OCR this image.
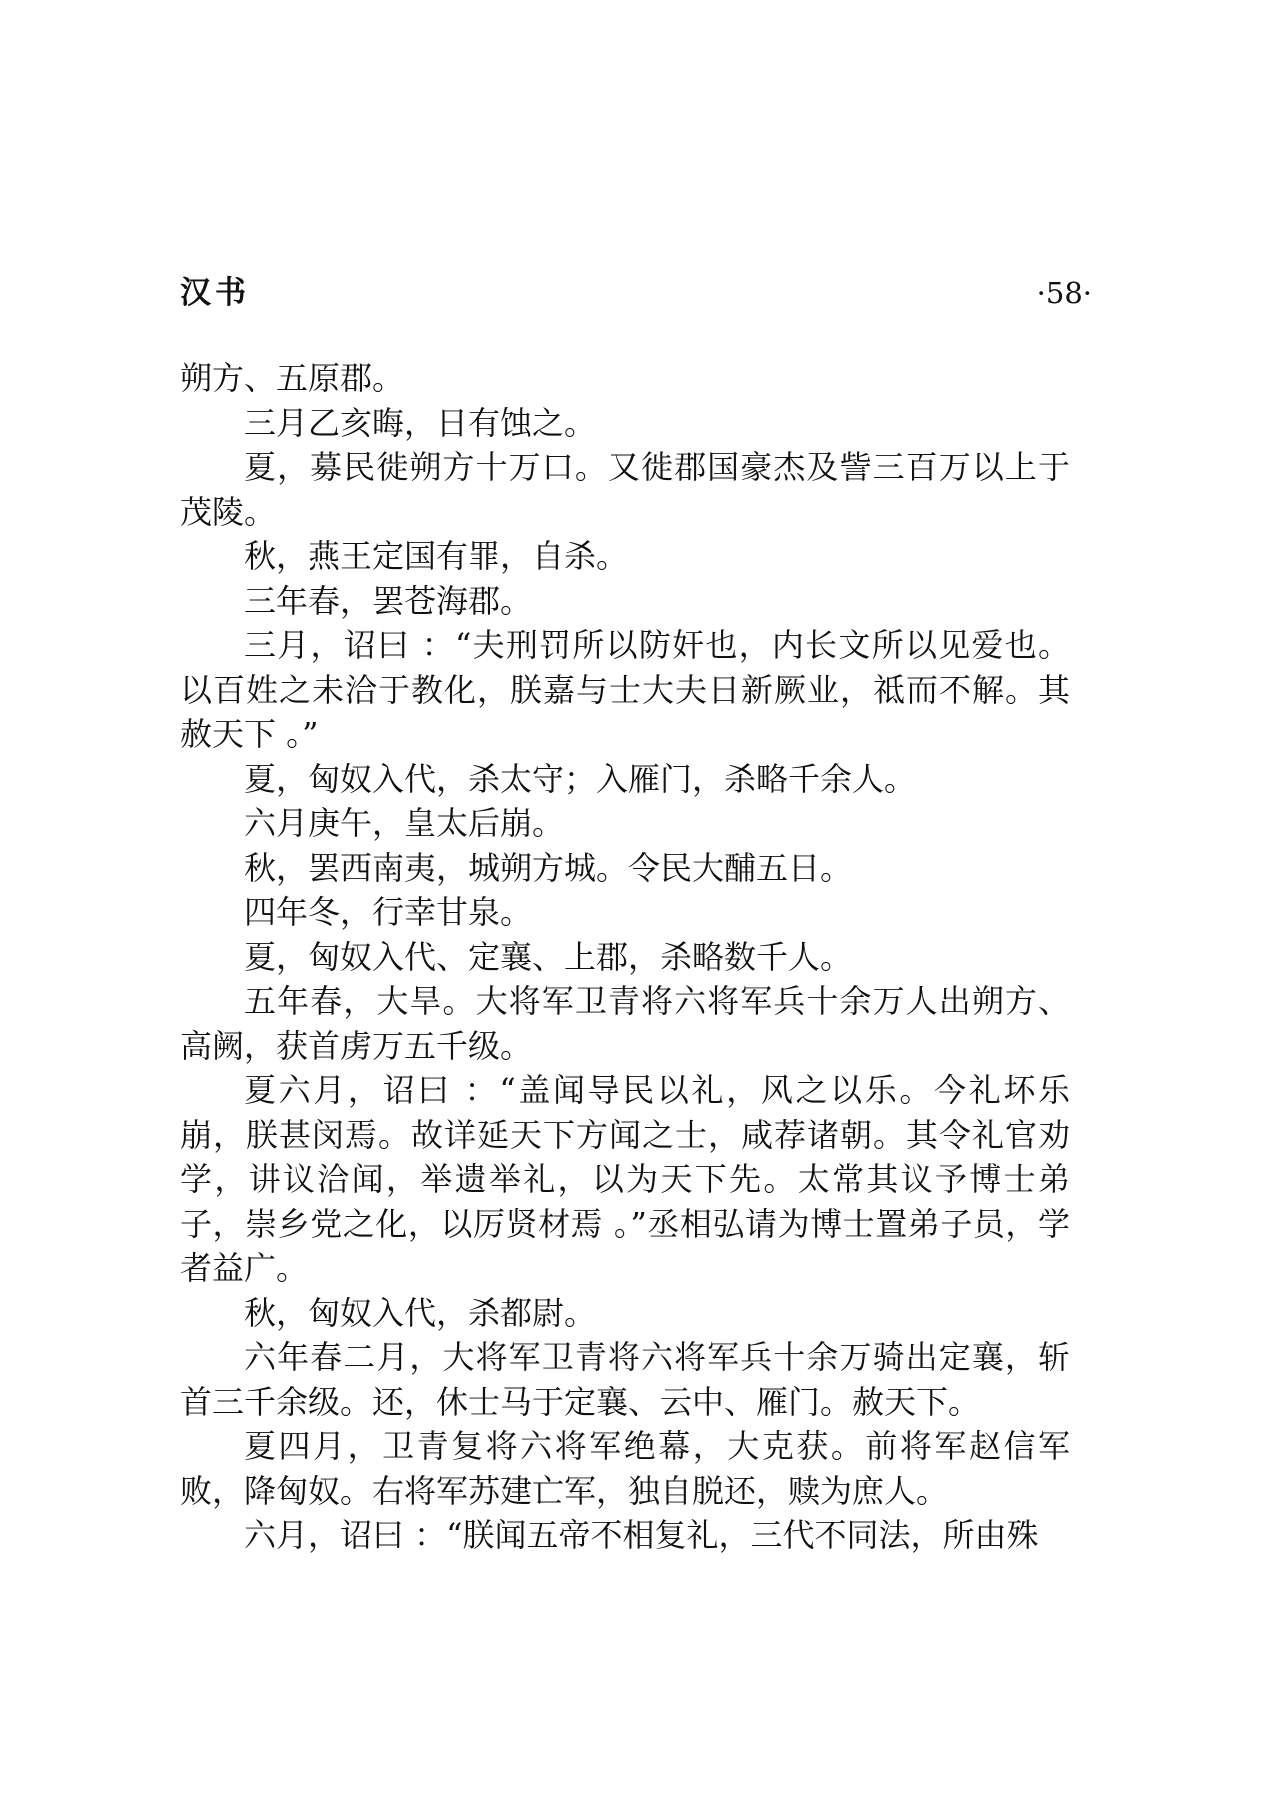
汉书	·58·

朔方、五原郡。

三月乙亥晦，日有蚀之。

夏，募民徙朔方十万口。又徙郡国豪杰及訾三百万以上于茂陵。

秋，燕王定国有罪，自杀。

三年春，罢苍海郡。

三月，诏曰 ：“夫刑罚所以防奸也，内长文所以见爱也。以百姓之未洽于教化，朕嘉与士大夫日新厥业，祗而不解。其赦天下 。”

夏，匈奴入代，杀太守；入雁门，杀略千余人。

六月庚午，皇太后崩。

秋，罢西南夷，城朔方城。令民大酺五日。

四年冬，行幸甘泉。

夏，匈奴入代、定襄、上郡，杀略数千人。

五年春，大旱。大将军卫青将六将军兵十余万人出朔方、高阙，获首虏万五千级。

夏六月，诏曰 ：“盖闻导民以礼，风之以乐。今礼坏乐崩，朕甚闵焉。故详延天下方闻之士，咸荐诸朝。其令礼官劝学，讲议洽闻，举遗举礼，以为天下先。太常其议予博士弟子，崇乡党之化，以厉贤材焉 。”丞相弘请为博士置弟子员，学者益广。

秋，匈奴入代，杀都尉。

六年春二月，大将军卫青将六将军兵十余万骑出定襄，斩首三千余级。还，休士马于定襄、云中、雁门。赦天下。

夏四月，卫青复将六将军绝幕，大克获。前将军赵信军败，降匈奴。右将军苏建亡军，独自脱还，赎为庶人。

六月，诏曰 ：“朕闻五帝不相复礼，三代不同法，所由殊
